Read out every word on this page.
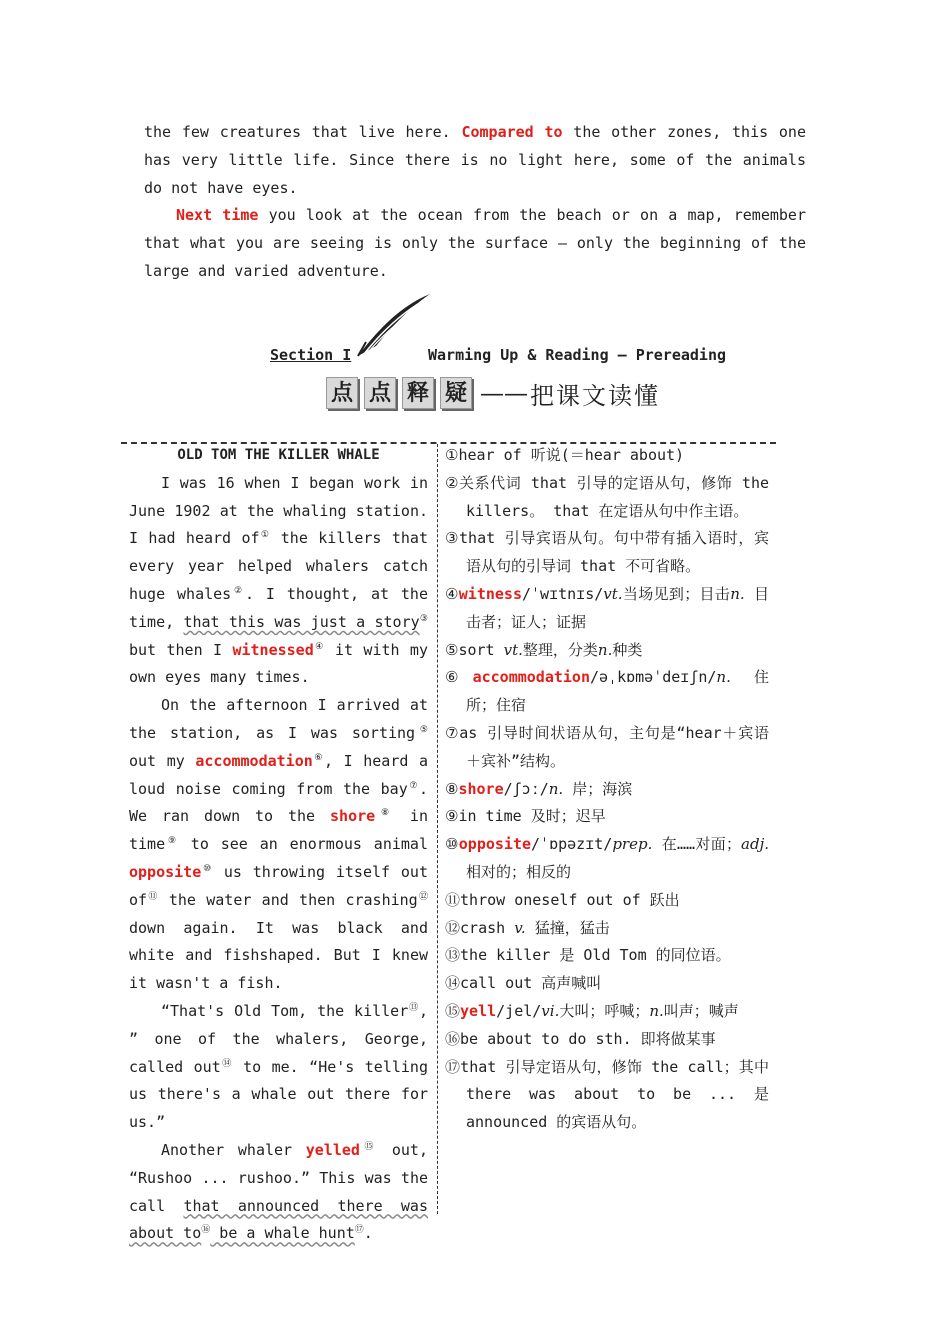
the few creatures that live here. Compared to the other zones, this one has very little life. Since there is no light here, some of the animals do not have eyes.

Next time you look at the ocean from the beach or on a map, remember that what you are seeing is only the surface — only the beginning of the large and varied adventure.

Section I	Warming Up & Reading — Prereading
点 点 释 疑 —— 把课文读懂

OLD TOM THE KILLER WHALE

I was 16 when I began work in June 1902 at the whaling station. I had heard of① the killers that every year helped whalers catch huge whales②. I thought, at the time, that this was just a story③ but then I witnessed④ it with my own eyes many times.

On the afternoon I arrived at the station, as I was sorting⑤ out my accommodation⑥, I heard a loud noise coming from the bay⑦. We ran down to the shore⑧ in time⑨ to see an enormous animal opposite⑩ us throwing itself out of⑪ the water and then crashing⑫ down again. It was black and white and fishshaped. But I knew it wasn't a fish.

“That's Old Tom, the killer⑬, ” one of the whalers, George, called out⑭ to me. “He's telling us there's a whale out there for us.”

Another whaler yelled⑮ out, “Rushoo ... rushoo.” This was the call that announced there was about to⑯ be a whale hunt⑰.

①hear of 听说(＝hear about)

②关系代词 that 引导的定语从句，修饰 the killers。 that 在定语从句中作主语。

③that 引导宾语从句。句中带有插入语时，宾语从句的引导词 that 不可省略。

④witness/ˈwɪtnɪs/vt.当场见到；目击n. 目击者；证人；证据

⑤sort vt.整理，分类n.种类

⑥accommodation/əˌkɒməˈdeɪʃn/n. 住所；住宿

⑦as 引导时间状语从句，主句是“hear＋宾语＋宾补”结构。

⑧shore/ʃɔː/n. 岸；海滨

⑨in time 及时；迟早

⑩opposite/ˈɒpəzɪt/prep. 在……对面；adj.相对的；相反的

⑪throw oneself out of 跃出

⑫crash v. 猛撞，猛击

⑬the killer 是 Old Tom 的同位语。

⑭call out 高声喊叫

⑮yell/jel/vi.大叫；呼喊；n.叫声；喊声

⑯be about to do sth. 即将做某事

⑰that 引导定语从句，修饰 the call；其中 there was about to be ... 是 announced 的宾语从句。
